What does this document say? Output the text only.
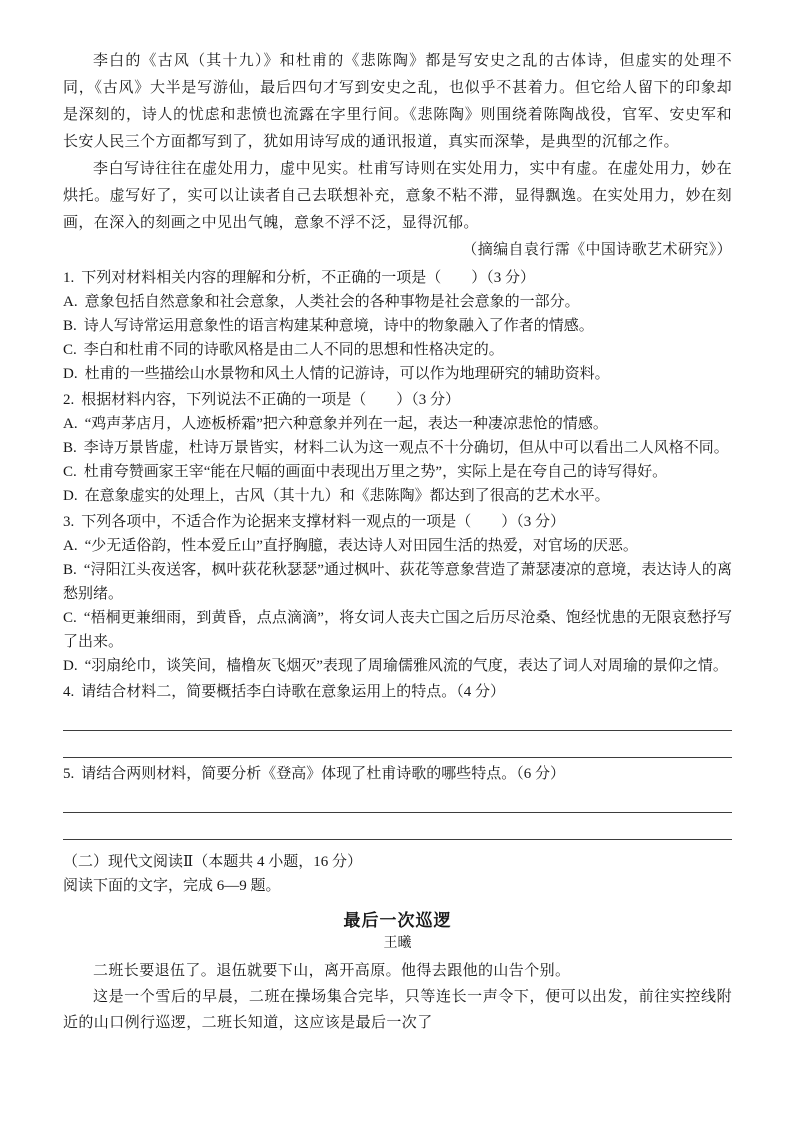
李白的《古风（其十九）》和杜甫的《悲陈陶》都是写安史之乱的古体诗，但虚实的处理不同，《古风》大半是写游仙，最后四句才写到安史之乱，也似乎不甚着力。但它给人留下的印象却是深刻的，诗人的忧虑和悲愤也流露在字里行间。《悲陈陶》则围绕着陈陶战役，官军、安史军和长安人民三个方面都写到了，犹如用诗写成的通讯报道，真实而深挚，是典型的沉郁之作。

李白写诗往往在虚处用力，虚中见实。杜甫写诗则在实处用力，实中有虚。在虚处用力，妙在烘托。虚写好了，实可以让读者自己去联想补充，意象不粘不滞，显得飘逸。在实处用力，妙在刻画，在深入的刻画之中见出气魄，意象不浮不泛，显得沉郁。

（摘编自袁行霈《中国诗歌艺术研究》）

1. 下列对材料相关内容的理解和分析，不正确的一项是（　　）（3 分）

A. 意象包括自然意象和社会意象，人类社会的各种事物是社会意象的一部分。

B. 诗人写诗常运用意象性的语言构建某种意境，诗中的物象融入了作者的情感。

C. 李白和杜甫不同的诗歌风格是由二人不同的思想和性格决定的。

D. 杜甫的一些描绘山水景物和风土人情的记游诗，可以作为地理研究的辅助资料。

2. 根据材料内容，下列说法不正确的一项是（　　）（3 分）

A. “鸡声茅店月，人迹板桥霜”把六种意象并列在一起，表达一种凄凉悲怆的情感。

B. 李诗万景皆虚，杜诗万景皆实，材料二认为这一观点不十分确切，但从中可以看出二人风格不同。

C. 杜甫夸赞画家王宰“能在尺幅的画面中表现出万里之势”，实际上是在夸自己的诗写得好。

D. 在意象虚实的处理上，古风（其十九）和《悲陈陶》都达到了很高的艺术水平。

3. 下列各项中，不适合作为论据来支撑材料一观点的一项是（　　）（3 分）

A. “少无适俗韵，性本爱丘山”直抒胸臆，表达诗人对田园生活的热爱，对官场的厌恶。

B. “浔阳江头夜送客，枫叶荻花秋瑟瑟”通过枫叶、荻花等意象营造了萧瑟凄凉的意境，表达诗人的离愁别绪。

C. “梧桐更兼细雨，到黄昏，点点滴滴”，将女词人丧夫亡国之后历尽沧桑、饱经忧患的无限哀愁抒写了出来。

D. “羽扇纶巾，谈笑间，樯橹灰飞烟灭”表现了周瑜儒雅风流的气度，表达了词人对周瑜的景仰之情。

4. 请结合材料二，简要概括李白诗歌在意象运用上的特点。（4 分）

5. 请结合两则材料，简要分析《登高》体现了杜甫诗歌的哪些特点。（6 分）

（二）现代文阅读Ⅱ（本题共 4 小题，16 分）

阅读下面的文字，完成 6—9 题。

最后一次巡逻

王曦

二班长要退伍了。退伍就要下山，离开高原。他得去跟他的山告个别。

这是一个雪后的早晨，二班在操场集合完毕，只等连长一声令下，便可以出发，前往实控线附近的山口例行巡逻，二班长知道，这应该是最后一次了
